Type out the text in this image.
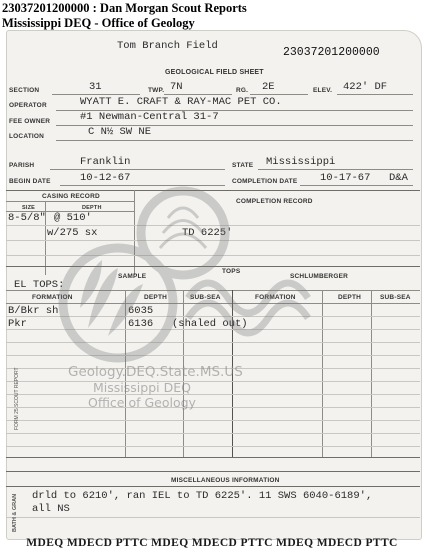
23037201200000 : Dan Morgan Scout Reports
Mississippi DEQ - Office of Geology
Tom Branch Field	23037201200000
GEOLOGICAL FIELD SHEET
SECTION	31	TWP. 7N	RG. 2E	ELEV. 422' DF
OPERATOR	WYATT E. CRAFT & RAY-MAC PET CO.
FEE OWNER	#1 Newman-Central 31-7
LOCATION	C N½ SW NE
PARISH	Franklin	STATE Mississippi
BEGIN DATE	10-12-67	COMPLETION DATE 10-17-67 D&A
CASING RECORD
COMPLETION RECORD
SIZE	DEPTH
8-5/8" @ 510'
w/275 sx	TD 6225'
TOPS
SAMPLE	SCHLUMBERGER
EL TOPS:
FORMATION	DEPTH	SUB-SEA	FORMATION	DEPTH	SUB-SEA
B/Bkr sh	6035
Pkr	6136 (shaled out)
MISCELLANEOUS INFORMATION
drld to 6210', ran IEL to TD 6225'. 11 SWS 6040-6189',
all NS
FORM 25 SCOUT REPORT
BATH & GRAN
Geology.DEQ.State.MS.US
Mississippi DEQ
Office of Geology
MDEQ MDECD PTTC MDEQ MDECD PTTC MDEQ MDECD PTTC
